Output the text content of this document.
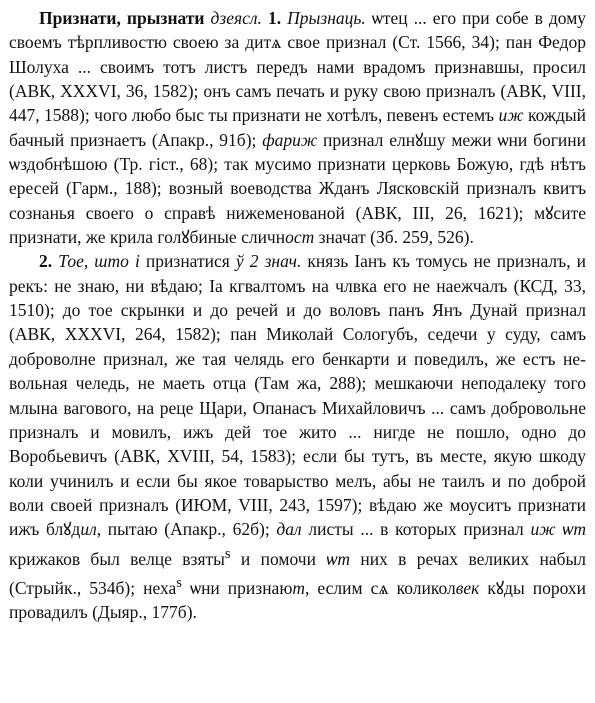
Признати, прызнати дзеясл. 1. Прызнаць. ѡтец ... его при собе в дому своемъ тѣрпливостю своею за дитѧ свое признал (Ст. 1566, 34); пан Федор Шолуха ... своимъ тотъ листъ передъ нами врадомъ признавшы, просил (АВК, XXXVI, 36, 1582); онъ самъ печать и руку свою призналъ (АВК, VIII, 447, 1588); чого любо быс ты признати не хотѣлъ, певенъ естемъ иж кождый бачный признаетъ (Апакр., 91б); фариж признал елнꙋшу межи ѡни богини ѡздобнѣшою (Тр. гіст., 68); так мусимо признати церковь Божую, гдѣ нѣтъ ересей (Гарм., 188); возный воеводства Жданъ Лясковскій призналъ квитъ сознанья своего о справѣ нижеменованой (АВК, III, 26, 1621); мꙋсите признати, же крила голꙋбиные сличност значат (Зб. 259, 526).

2. Тое, што і признатися ў 2 знач. князь Iанъ къ томусь не призналъ, и рекъ: не знаю, ни вѣдаю; Iа кгвалтомъ на члвка его не наежчалъ (КСД, 33, 1510); до тое скрынки и до речей и до воловъ панъ Янъ Дунай признал (АВК, XXXVI, 264, 1582); пан Миколай Сологубъ, седечи у суду, самъ доброволне признал, же тая челядь его бенкарти и поведилъ, же естъ невольная челедь, не маеть отца (Там жа, 288); мешкаючи неподалеку того млына вагового, на реце Щари, Опанасъ Михайловичъ ... самъ добровольне призналъ и мовилъ, ижъ дей тое жито ... нигде не пошло, одно до Воробьевичъ (АВК, XVIII, 54, 1583); если бы тутъ, въ месте, якую шкоду коли учинилъ и если бы якое товарыство мелъ, абы не таилъ и по доброй воли своей призналъ (ИЮМ, VIII, 243, 1597); вѣдаю же моуситъ признати ижъ блꙋдил, пытаю (Апакр., 62б); дал листы ... в которых признал иж ѡт крижаков был велце взяты$^s$ и помочи ѡт них в речах великих набыл (Стрыйк., 534б); неха$^s$ ѡни признают, еслим сѧ коликолвек кꙋды порохи провадилъ (Дыяр., 177б).
